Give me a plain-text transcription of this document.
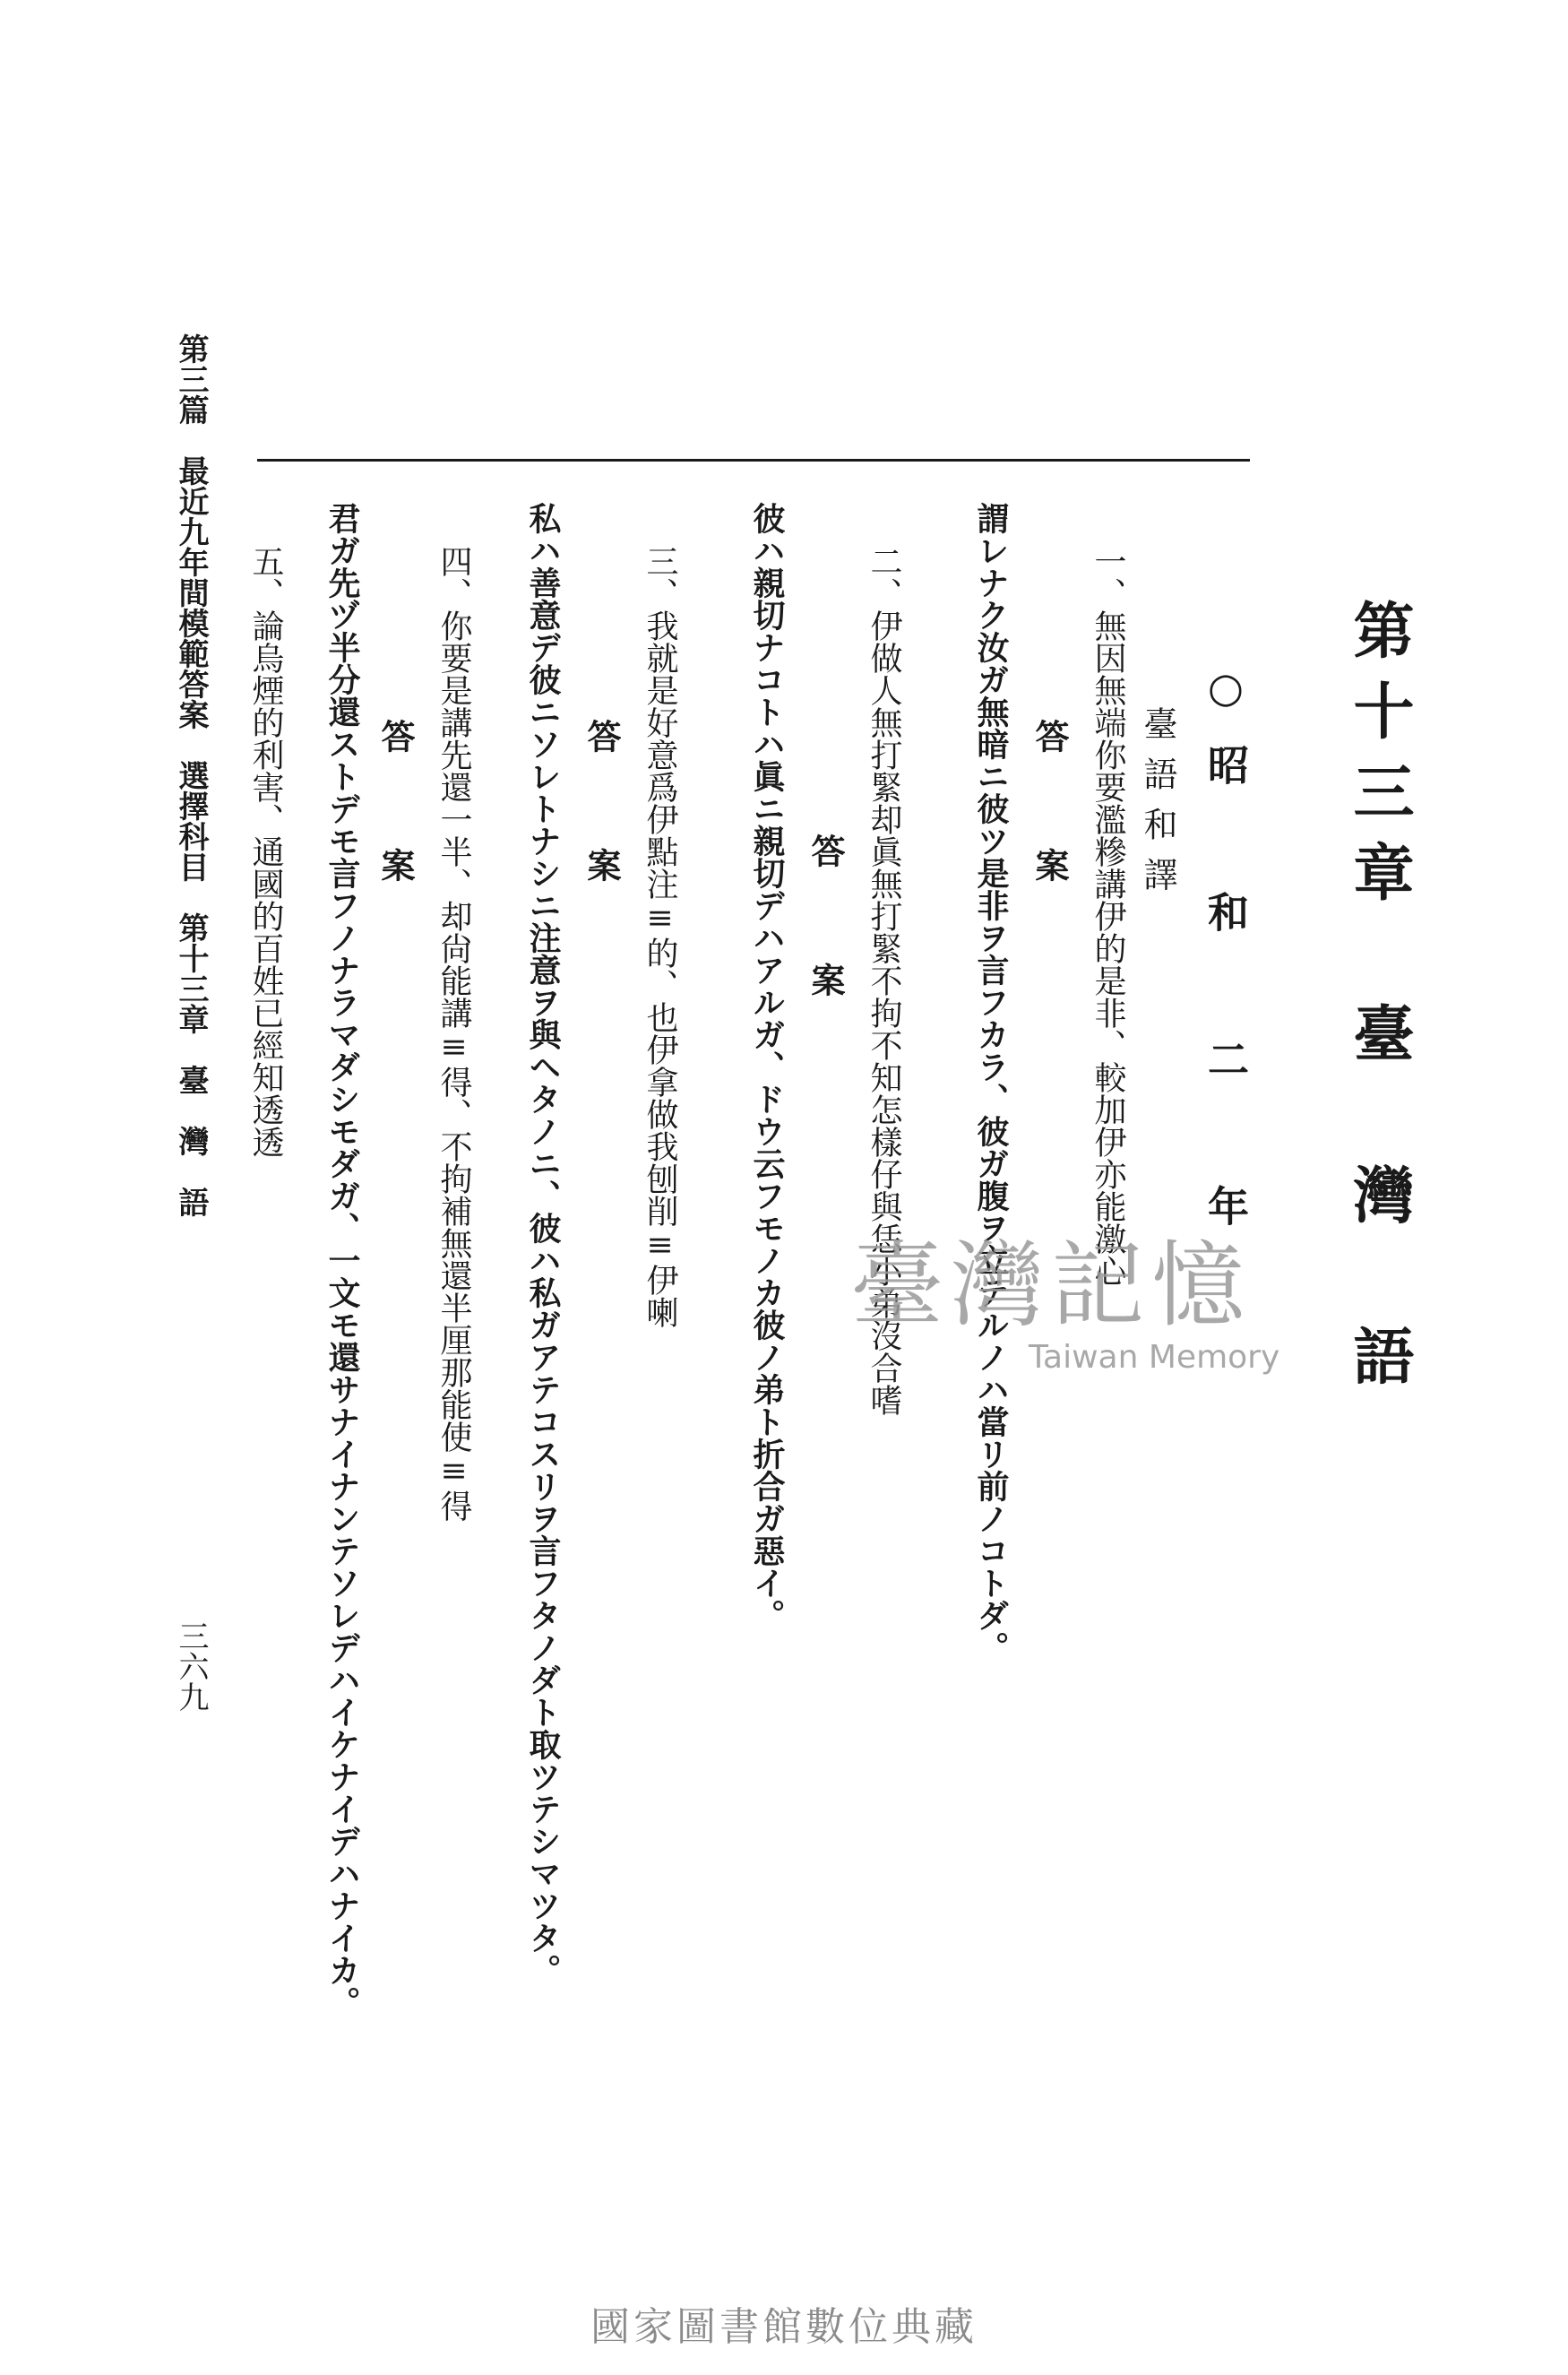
第十三章　臺　灣　語
○昭　和　二　年
臺語和譯
一、無因無端你要濫糝講伊的是非、較加伊亦能激心
答　案
謂レナク汝ガ無暗ニ彼ツ是非ヲ言フカラ、彼ガ腹ヲ立テルノハ當リ前ノコトダ。
二、伊做人無打緊却眞無打緊不拘不知怎樣仔與恁小弟沒合嗜
答　案
彼ハ親切ナコトハ眞ニ親切デハアルガ、ドウ云フモノカ彼ノ弟ト折合ガ惡イ。
三、我就是好意爲伊點注≡的、也伊拿做我刨削≡伊喇
答　案
私ハ善意デ彼ニソレトナシニ注意ヲ與ヘタノニ、彼ハ私ガアテコスリヲ言フタノダト取ツテシマツタ。
四、你要是講先還一半、却尙能講≡得、不拘補無還半厘那能使≡得
答　案
君ガ先ヅ半分還ストデモ言フノナラマダシモダガ、一文モ還サナイナンテソレデハイケナイデハナイカ。
五、論烏煙的利害、通國的百姓已經知透透
第三篇　最近九年間模範答案　選擇科目　第十三章　臺　灣　語
三六九
臺灣記憶
Taiwan Memory
國家圖書館數位典藏
